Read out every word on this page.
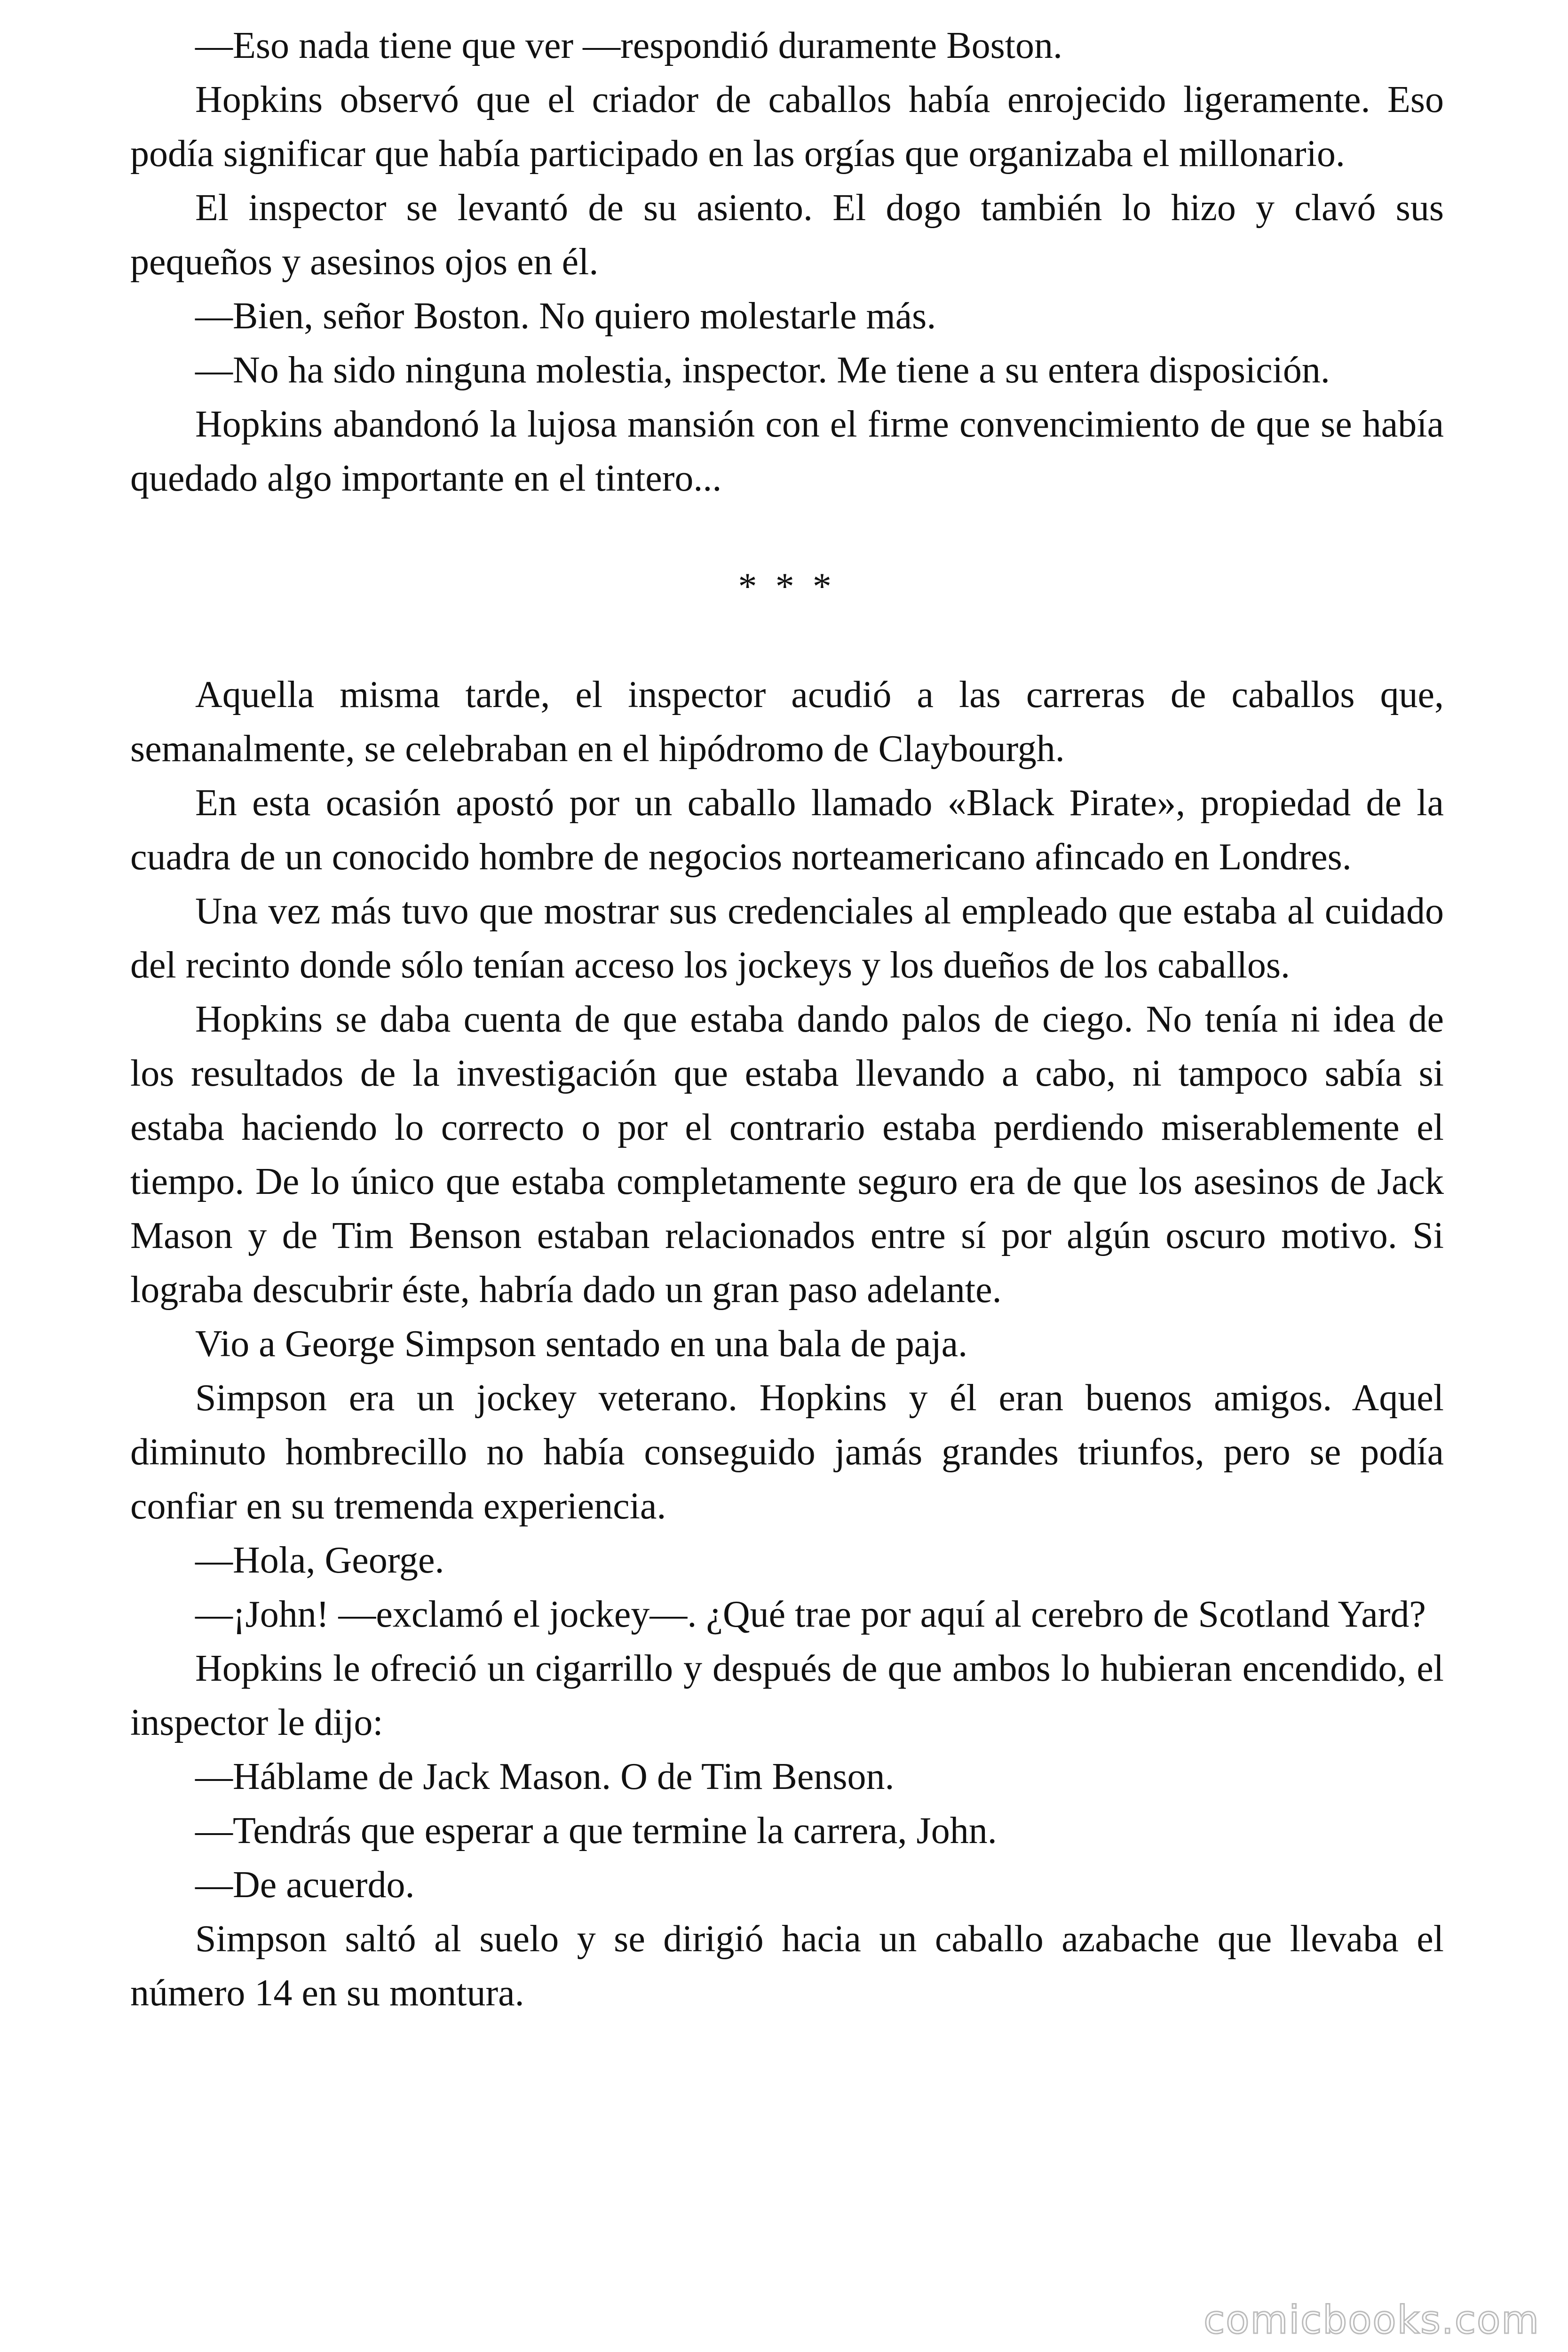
—Eso nada tiene que ver —respondió duramente Boston.

Hopkins observó que el criador de caballos había enrojecido ligeramente. Eso podía significar que había participado en las orgías que organizaba el millonario.

El inspector se levantó de su asiento. El dogo también lo hizo y clavó sus pequeños y asesinos ojos en él.

—Bien, señor Boston. No quiero molestarle más.

—No ha sido ninguna molestia, inspector. Me tiene a su entera disposición.

Hopkins abandonó la lujosa mansión con el firme convencimiento de que se había quedado algo importante en el tintero...

* * *

Aquella misma tarde, el inspector acudió a las carreras de caballos que, semanalmente, se celebraban en el hipódromo de Claybourgh.

En esta ocasión apostó por un caballo llamado «Black Pirate», propiedad de la cuadra de un conocido hombre de negocios norteamericano afincado en Londres.

Una vez más tuvo que mostrar sus credenciales al empleado que estaba al cuidado del recinto donde sólo tenían acceso los jockeys y los dueños de los caballos.

Hopkins se daba cuenta de que estaba dando palos de ciego. No tenía ni idea de los resultados de la investigación que estaba llevando a cabo, ni tampoco sabía si estaba haciendo lo correcto o por el contrario estaba perdiendo miserablemente el tiempo. De lo único que estaba completamente seguro era de que los asesinos de Jack Mason y de Tim Benson estaban relacionados entre sí por algún oscuro motivo. Si lograba descubrir éste, habría dado un gran paso adelante.

Vio a George Simpson sentado en una bala de paja.

Simpson era un jockey veterano. Hopkins y él eran buenos amigos. Aquel diminuto hombrecillo no había conseguido jamás grandes triunfos, pero se podía confiar en su tremenda experiencia.

—Hola, George.

—¡John! —exclamó el jockey—. ¿Qué trae por aquí al cerebro de Scotland Yard?

Hopkins le ofreció un cigarrillo y después de que ambos lo hubieran encendido, el inspector le dijo:

—Háblame de Jack Mason. O de Tim Benson.

—Tendrás que esperar a que termine la carrera, John.

—De acuerdo.

Simpson saltó al suelo y se dirigió hacia un caballo azabache que llevaba el número 14 en su montura.

comicbooks.com
